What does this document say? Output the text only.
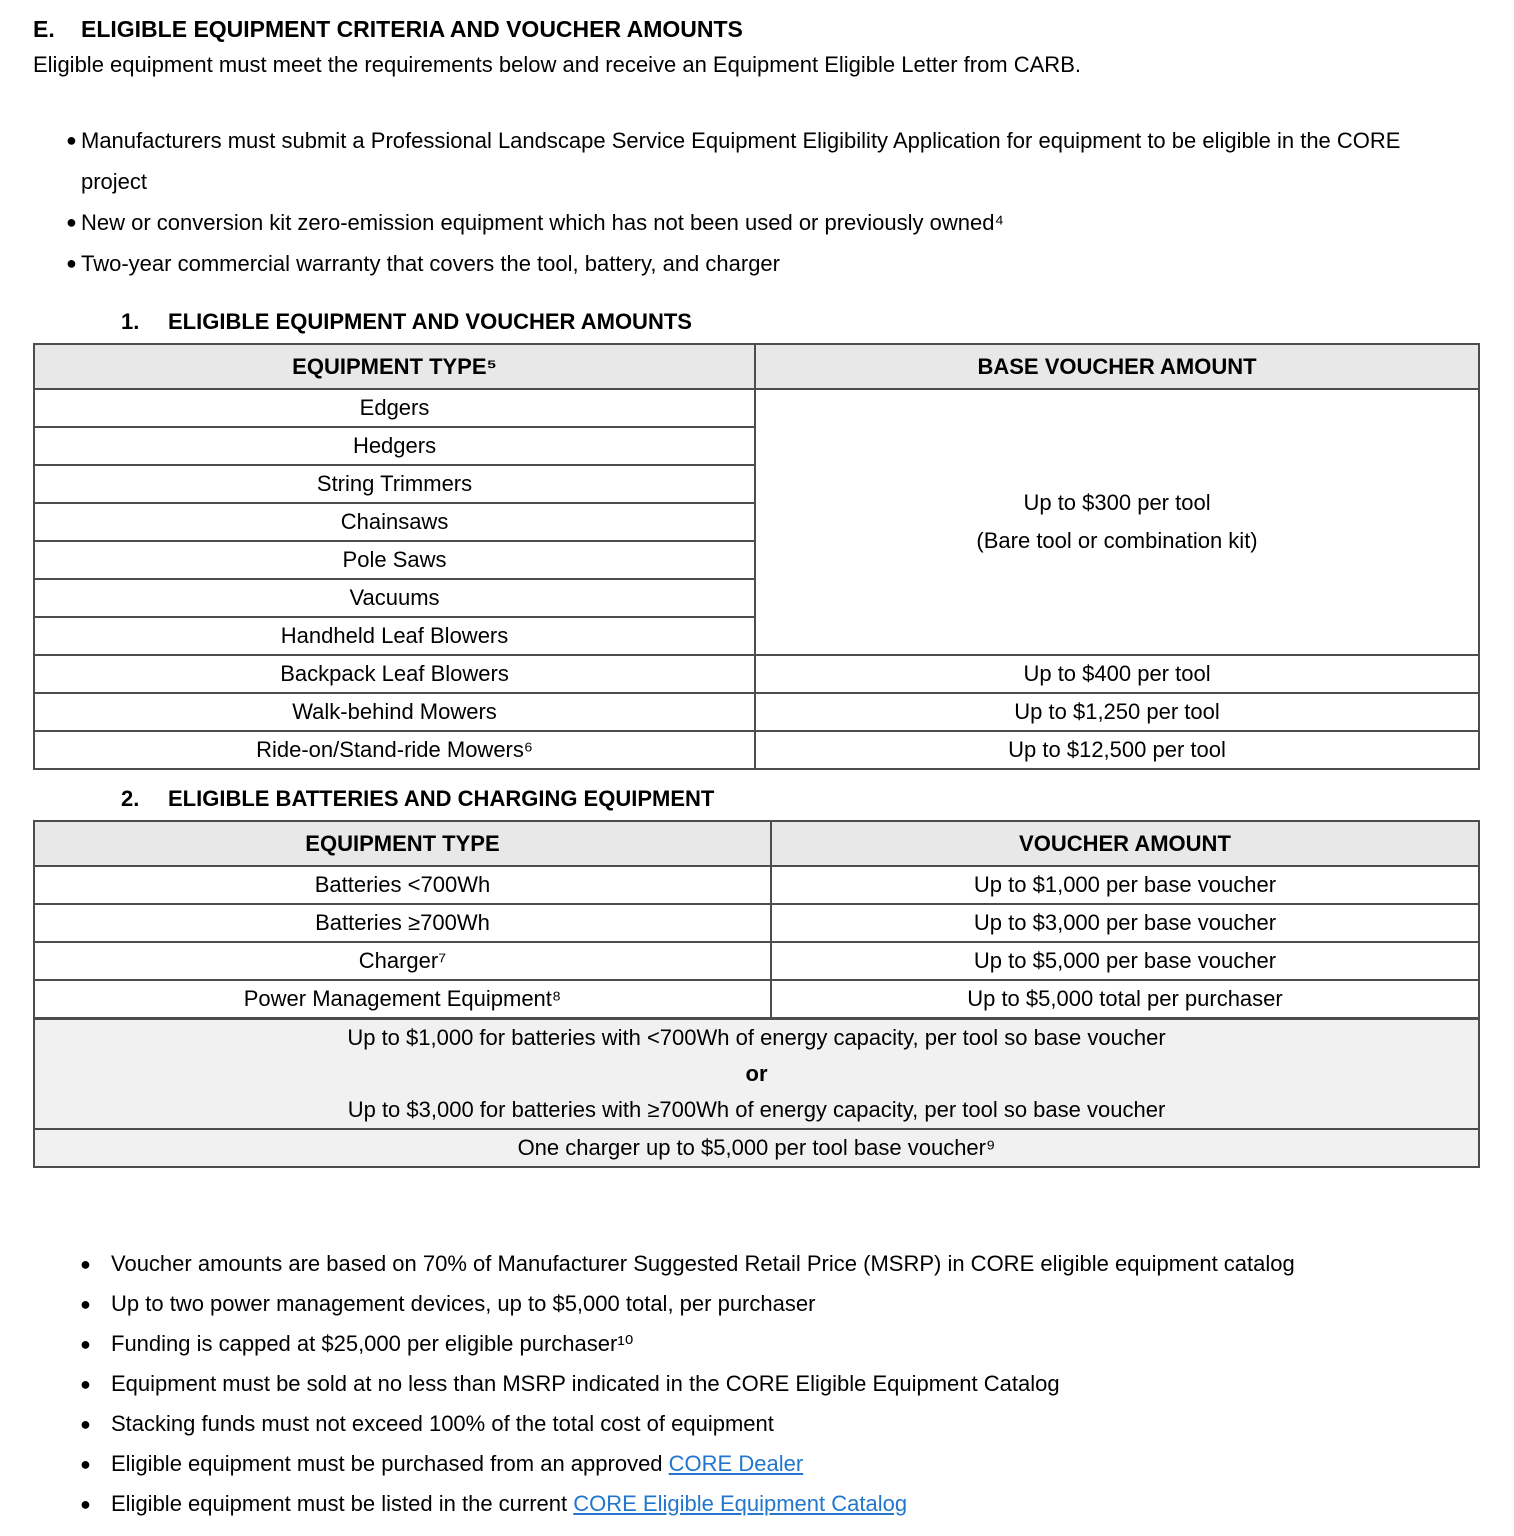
E.	ELIGIBLE EQUIPMENT CRITERIA AND VOUCHER AMOUNTS
Eligible equipment must meet the requirements below and receive an Equipment Eligible Letter from CARB.
● Manufacturers must submit a Professional Landscape Service Equipment Eligibility Application for equipment to be eligible in the CORE project
● New or conversion kit zero-emission equipment which has not been used or previously owned⁴
● Two-year commercial warranty that covers the tool, battery, and charger
1.	ELIGIBLE EQUIPMENT AND VOUCHER AMOUNTS
EQUIPMENT TYPE⁵	BASE VOUCHER AMOUNT
Edgers	Up to $300 per tool
(Bare tool or combination kit)

Hedgers	
String Trimmers	
Chainsaws	
Pole Saws	
Vacuums	
Handheld Leaf Blowers	
Backpack Leaf Blowers	Up to $400 per tool
Walk-behind Mowers	Up to $1,250 per tool
Ride-on/Stand-ride Mowers⁶	Up to $12,500 per tool
2.	ELIGIBLE BATTERIES AND CHARGING EQUIPMENT
EQUIPMENT TYPE	VOUCHER AMOUNT
Batteries <700Wh	Up to $1,000 per base voucher
Batteries ≥700Wh	Up to $3,000 per base voucher
Charger⁷	Up to $5,000 per base voucher
Power Management Equipment⁸	Up to $5,000 total per purchaser

Up to $1,000 for batteries with <700Wh of energy capacity, per tool so base voucher
or
Up to $3,000 for batteries with ≥700Wh of energy capacity, per tool so base voucher	

One charger up to $5,000 per tool base voucher⁹	
● Voucher amounts are based on 70% of Manufacturer Suggested Retail Price (MSRP) in CORE eligible equipment catalog
● Up to two power management devices, up to $5,000 total, per purchaser
● Funding is capped at $25,000 per eligible purchaser¹⁰
● Equipment must be sold at no less than MSRP indicated in the CORE Eligible Equipment Catalog
● Stacking funds must not exceed 100% of the total cost of equipment
● Eligible equipment must be purchased from an approved CORE Dealer
● Eligible equipment must be listed in the current CORE Eligible Equipment Catalog
